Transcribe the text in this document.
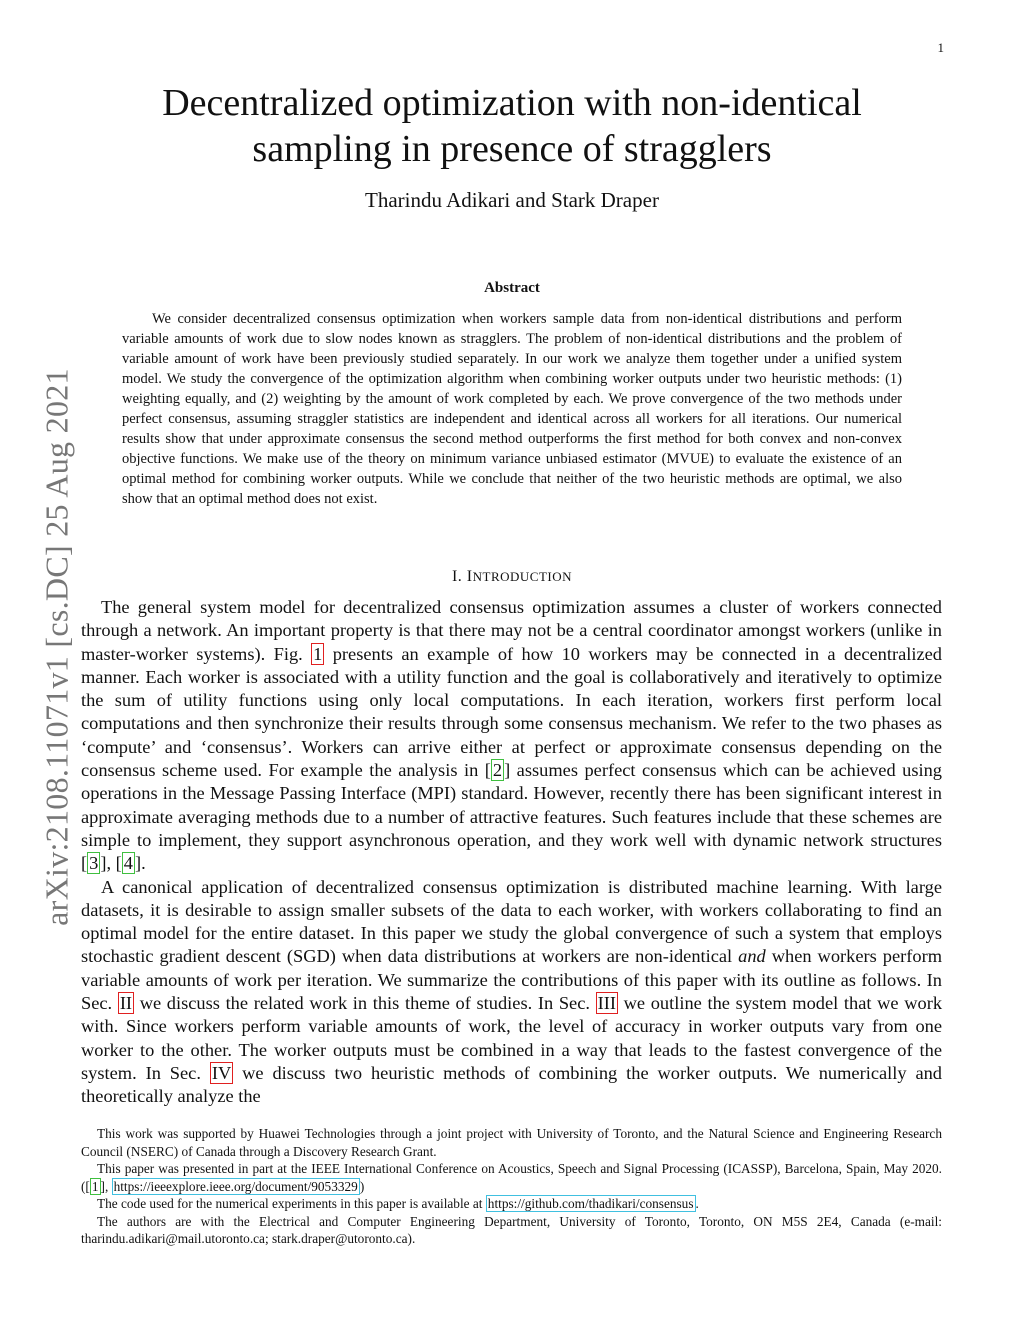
1
arXiv:2108.11071v1 [cs.DC] 25 Aug 2021
Decentralized optimization with non-identical
sampling in presence of stragglers
Tharindu Adikari and Stark Draper
Abstract

We consider decentralized consensus optimization when workers sample data from non-identical distributions and perform variable amounts of work due to slow nodes known as stragglers. The problem of non-identical distributions and the problem of variable amount of work have been previously studied separately. In our work we analyze them together under a unified system model. We study the convergence of the optimization algorithm when combining worker outputs under two heuristic methods: (1) weighting equally, and (2) weighting by the amount of work completed by each. We prove convergence of the two methods under perfect consensus, assuming straggler statistics are independent and identical across all workers for all iterations. Our numerical results show that under approximate consensus the second method outperforms the first method for both convex and non-convex objective functions. We make use of the theory on minimum variance unbiased estimator (MVUE) to evaluate the existence of an optimal method for combining worker outputs. While we conclude that neither of the two heuristic methods are optimal, we also show that an optimal method does not exist.

I. INTRODUCTION

The general system model for decentralized consensus optimization assumes a cluster of workers connected through a network. An important property is that there may not be a central coordinator amongst workers (unlike in master-worker systems). Fig. 1 presents an example of how 10 workers may be connected in a decentralized manner. Each worker is associated with a utility function and the goal is collaboratively and iteratively to optimize the sum of utility functions using only local computations. In each iteration, workers first perform local computations and then synchronize their results through some consensus mechanism. We refer to the two phases as ‘compute’ and ‘consensus’. Workers can arrive either at perfect or approximate consensus depending on the consensus scheme used. For example the analysis in [ 2 ] assumes perfect consensus which can be achieved using operations in the Message Passing Interface (MPI) standard. However, recently there has been significant interest in approximate averaging methods due to a number of attractive features. Such features include that these schemes are simple to implement, they support asynchronous operation, and they work well with dynamic network structures [ 3 ], [ 4 ].

A canonical application of decentralized consensus optimization is distributed machine learning. With large datasets, it is desirable to assign smaller subsets of the data to each worker, with workers collaborating to find an optimal model for the entire dataset. In this paper we study the global convergence of such a system that employs stochastic gradient descent (SGD) when data distributions at workers are non-identical and when workers perform variable amounts of work per iteration. We summarize the contributions of this paper with its outline as follows. In Sec. II we discuss the related work in this theme of studies. In Sec. III we outline the system model that we work with. Since workers perform variable amounts of work, the level of accuracy in worker outputs vary from one worker to the other. The worker outputs must be combined in a way that leads to the fastest convergence of the system. In Sec. IV we discuss two heuristic methods of combining the worker outputs. We numerically and theoretically analyze the

This work was supported by Huawei Technologies through a joint project with University of Toronto, and the Natural Science and Engineering Research Council (NSERC) of Canada through a Discovery Research Grant.

This paper was presented in part at the IEEE International Conference on Acoustics, Speech and Signal Processing (ICASSP), Barcelona, Spain, May 2020. ([ 1 ], https://ieeexplore.ieee.org/document/9053329 )

The code used for the numerical experiments in this paper is available at https://github.com/thadikari/consensus .

The authors are with the Electrical and Computer Engineering Department, University of Toronto, Toronto, ON M5S 2E4, Canada (e-mail: tharindu.adikari@mail.utoronto.ca; stark.draper@utoronto.ca).
